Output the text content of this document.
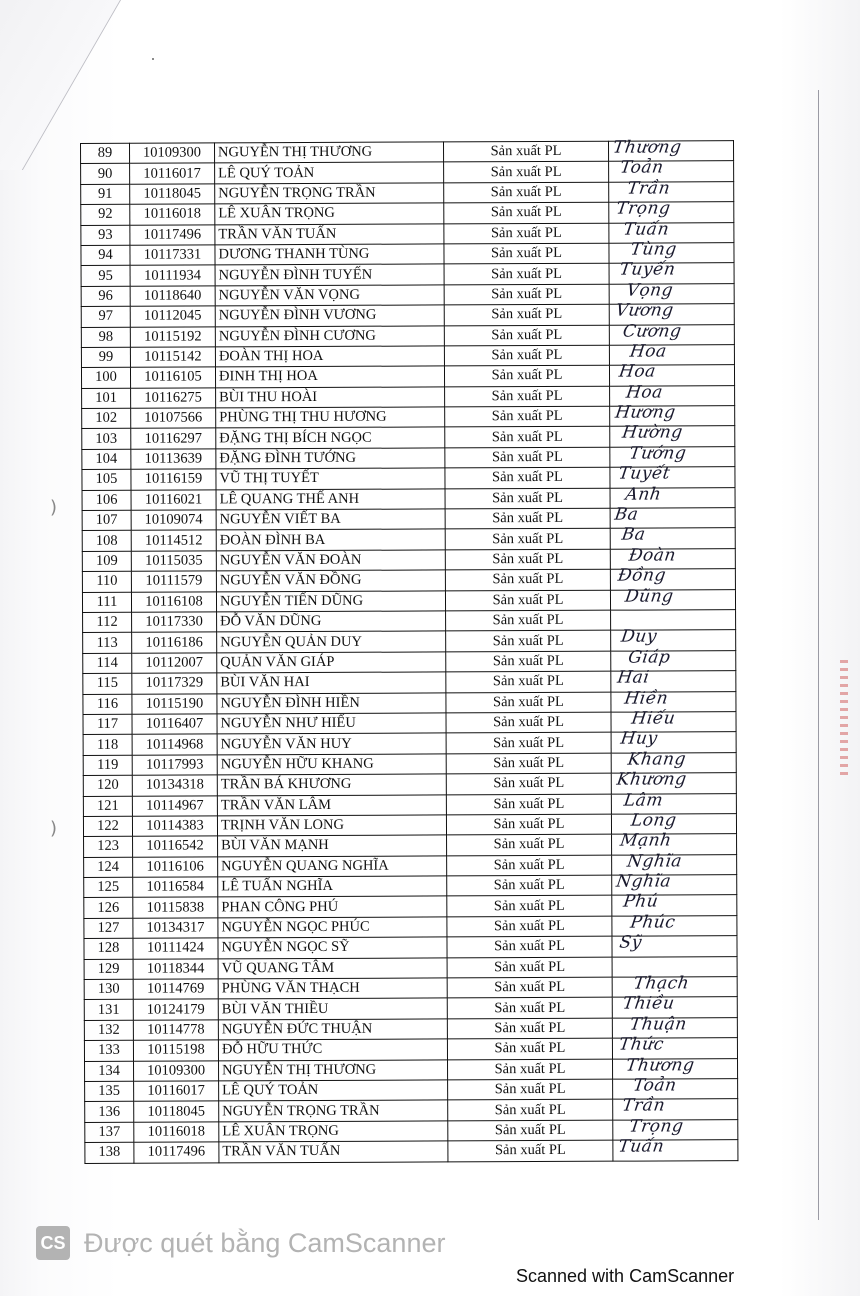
)
)
89	10109300	NGUYỄN THỊ THƯƠNG	Sản xuất PL	Thương

90	10116017	LÊ QUÝ TOẢN	Sản xuất PL	Toản

91	10118045	NGUYỄN TRỌNG TRẦN	Sản xuất PL	Trần

92	10116018	LÊ XUÂN TRỌNG	Sản xuất PL	Trọng

93	10117496	TRẦN VĂN TUẤN	Sản xuất PL	Tuấn

94	10117331	DƯƠNG THANH TÙNG	Sản xuất PL	Tùng

95	10111934	NGUYỄN ĐÌNH TUYẾN	Sản xuất PL	Tuyến

96	10118640	NGUYỄN VĂN VỌNG	Sản xuất PL	Vọng

97	10112045	NGUYỄN ĐÌNH VƯƠNG	Sản xuất PL	Vương

98	10115192	NGUYỄN ĐÌNH CƯƠNG	Sản xuất PL	Cương

99	10115142	ĐOÀN THỊ HOA	Sản xuất PL	Hoa

100	10116105	ĐINH THỊ HOA	Sản xuất PL	Hoa

101	10116275	BÙI THU HOÀI	Sản xuất PL	Hoa

102	10107566	PHÙNG THỊ THU HƯƠNG	Sản xuất PL	Hương

103	10116297	ĐẶNG THỊ BÍCH NGỌC	Sản xuất PL	Hường

104	10113639	ĐẶNG ĐÌNH TƯỚNG	Sản xuất PL	Tướng

105	10116159	VŨ THỊ TUYẾT	Sản xuất PL	Tuyết

106	10116021	LÊ QUANG THẾ ANH	Sản xuất PL	Anh

107	10109074	NGUYỄN VIẾT BA	Sản xuất PL	Ba

108	10114512	ĐOÀN ĐÌNH BA	Sản xuất PL	Ba

109	10115035	NGUYỄN VĂN ĐOÀN	Sản xuất PL	Đoàn

110	10111579	NGUYỄN VĂN ĐỒNG	Sản xuất PL	Đồng

111	10116108	NGUYỄN TIẾN DŨNG	Sản xuất PL	Dũng

112	10117330	ĐỖ VĂN DŨNG	Sản xuất PL	

113	10116186	NGUYỄN QUẢN DUY	Sản xuất PL	Duy

114	10112007	QUẢN VĂN GIÁP	Sản xuất PL	Giáp

115	10117329	BÙI VĂN HAI	Sản xuất PL	Hai

116	10115190	NGUYỄN ĐÌNH HIỀN	Sản xuất PL	Hiền

117	10116407	NGUYỄN NHƯ HIẾU	Sản xuất PL	Hiếu

118	10114968	NGUYỄN VĂN HUY	Sản xuất PL	Huy

119	10117993	NGUYỄN HỮU KHANG	Sản xuất PL	Khang

120	10134318	TRẦN BÁ KHƯƠNG	Sản xuất PL	Khương

121	10114967	TRẦN VĂN LÂM	Sản xuất PL	Lâm

122	10114383	TRỊNH VĂN LONG	Sản xuất PL	Long

123	10116542	BÙI VĂN MẠNH	Sản xuất PL	Mạnh

124	10116106	NGUYỄN QUANG NGHĨA	Sản xuất PL	Nghĩa

125	10116584	LÊ TUẤN NGHĨA	Sản xuất PL	Nghĩa

126	10115838	PHAN CÔNG PHÚ	Sản xuất PL	Phú

127	10134317	NGUYỄN NGỌC PHÚC	Sản xuất PL	Phúc

128	10111424	NGUYỄN NGỌC SỸ	Sản xuất PL	Sỹ

129	10118344	VŨ QUANG TÂM	Sản xuất PL	

130	10114769	PHÙNG VĂN THẠCH	Sản xuất PL	Thạch

131	10124179	BÙI VĂN THIỀU	Sản xuất PL	Thiều

132	10114778	NGUYỄN ĐỨC THUẬN	Sản xuất PL	Thuận

133	10115198	ĐỖ HỮU THỨC	Sản xuất PL	Thức

134	10109300	NGUYỄN THỊ THƯƠNG	Sản xuất PL	Thương

135	10116017	LÊ QUÝ TOẢN	Sản xuất PL	Toản

136	10118045	NGUYỄN TRỌNG TRẦN	Sản xuất PL	Trần

137	10116018	LÊ XUÂN TRỌNG	Sản xuất PL	Trọng

138	10117496	TRẦN VĂN TUẤN	Sản xuất PL	Tuấn
CS Được quét bằng CamScanner
Scanned with CamScanner
